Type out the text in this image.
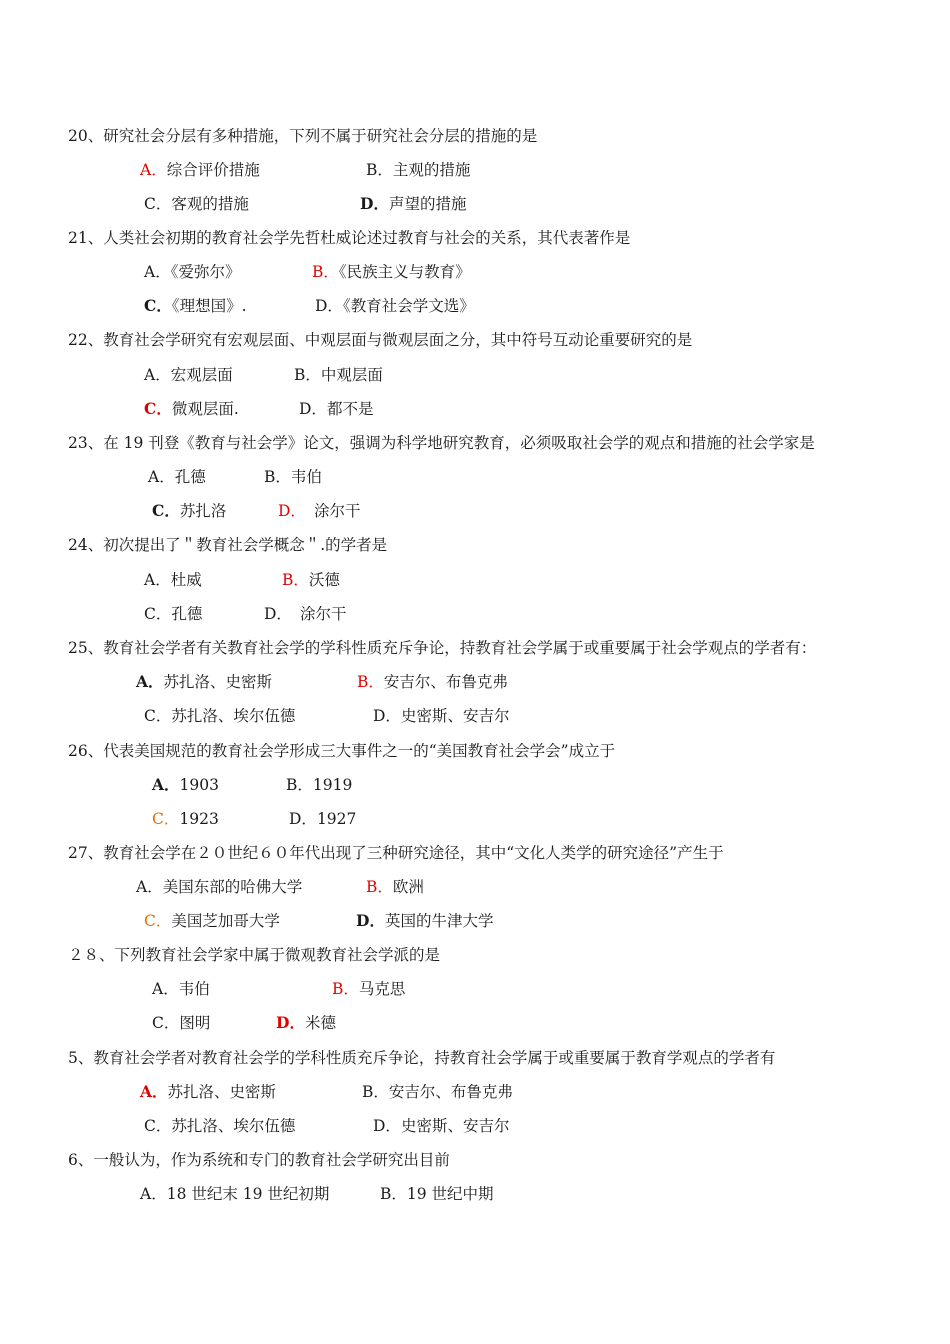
20、研究社会分层有多种措施，下列不属于研究社会分层的措施的是
A．综合评价措施	B．主观的措施
C．客观的措施	D．声望的措施
21、人类社会初期的教育社会学先哲杜威论述过教育与社会的关系，其代表著作是
A．《爱弥尔》	B．《民族主义与教育》
C．《理想国》.	D．《教育社会学文选》
22、教育社会学研究有宏观层面、中观层面与微观层面之分，其中符号互动论重要研究的是
A．宏观层面	B．中观层面
C．微观层面.	D．都不是
23、在 19 刊登《教育与社会学》论文，强调为科学地研究教育，必须吸取社会学的观点和措施的社会学家是
A．孔德	B．韦伯
C．苏扎洛	D． 涂尔干
24、初次提出了＂教育社会学概念＂.的学者是
A．杜威	B．沃德
C．孔德	D． 涂尔干
25、教育社会学者有关教育社会学的学科性质充斥争论，持教育社会学属于或重要属于社会学观点的学者有：
A．苏扎洛、史密斯	B．安吉尔、布鲁克弗
C．苏扎洛、埃尔伍德	D．史密斯、安吉尔
26、代表美国规范的教育社会学形成三大事件之一的“美国教育社会学会”成立于
A．1903	B．1919
C．1923	D．1927
27、教育社会学在２０世纪６０年代出现了三种研究途径，其中“文化人类学的研究途径”产生于
A．美国东部的哈佛大学	B．欧洲
C．美国芝加哥大学	D．英国的牛津大学
２８、下列教育社会学家中属于微观教育社会学派的是
A．韦伯	B．马克思
C．图明	D．米德
5、教育社会学者对教育社会学的学科性质充斥争论，持教育社会学属于或重要属于教育学观点的学者有
A．苏扎洛、史密斯	B．安吉尔、布鲁克弗
C．苏扎洛、埃尔伍德	D．史密斯、安吉尔
6、一般认为，作为系统和专门的教育社会学研究出目前
A．18 世纪末 19 世纪初期	B．19 世纪中期
